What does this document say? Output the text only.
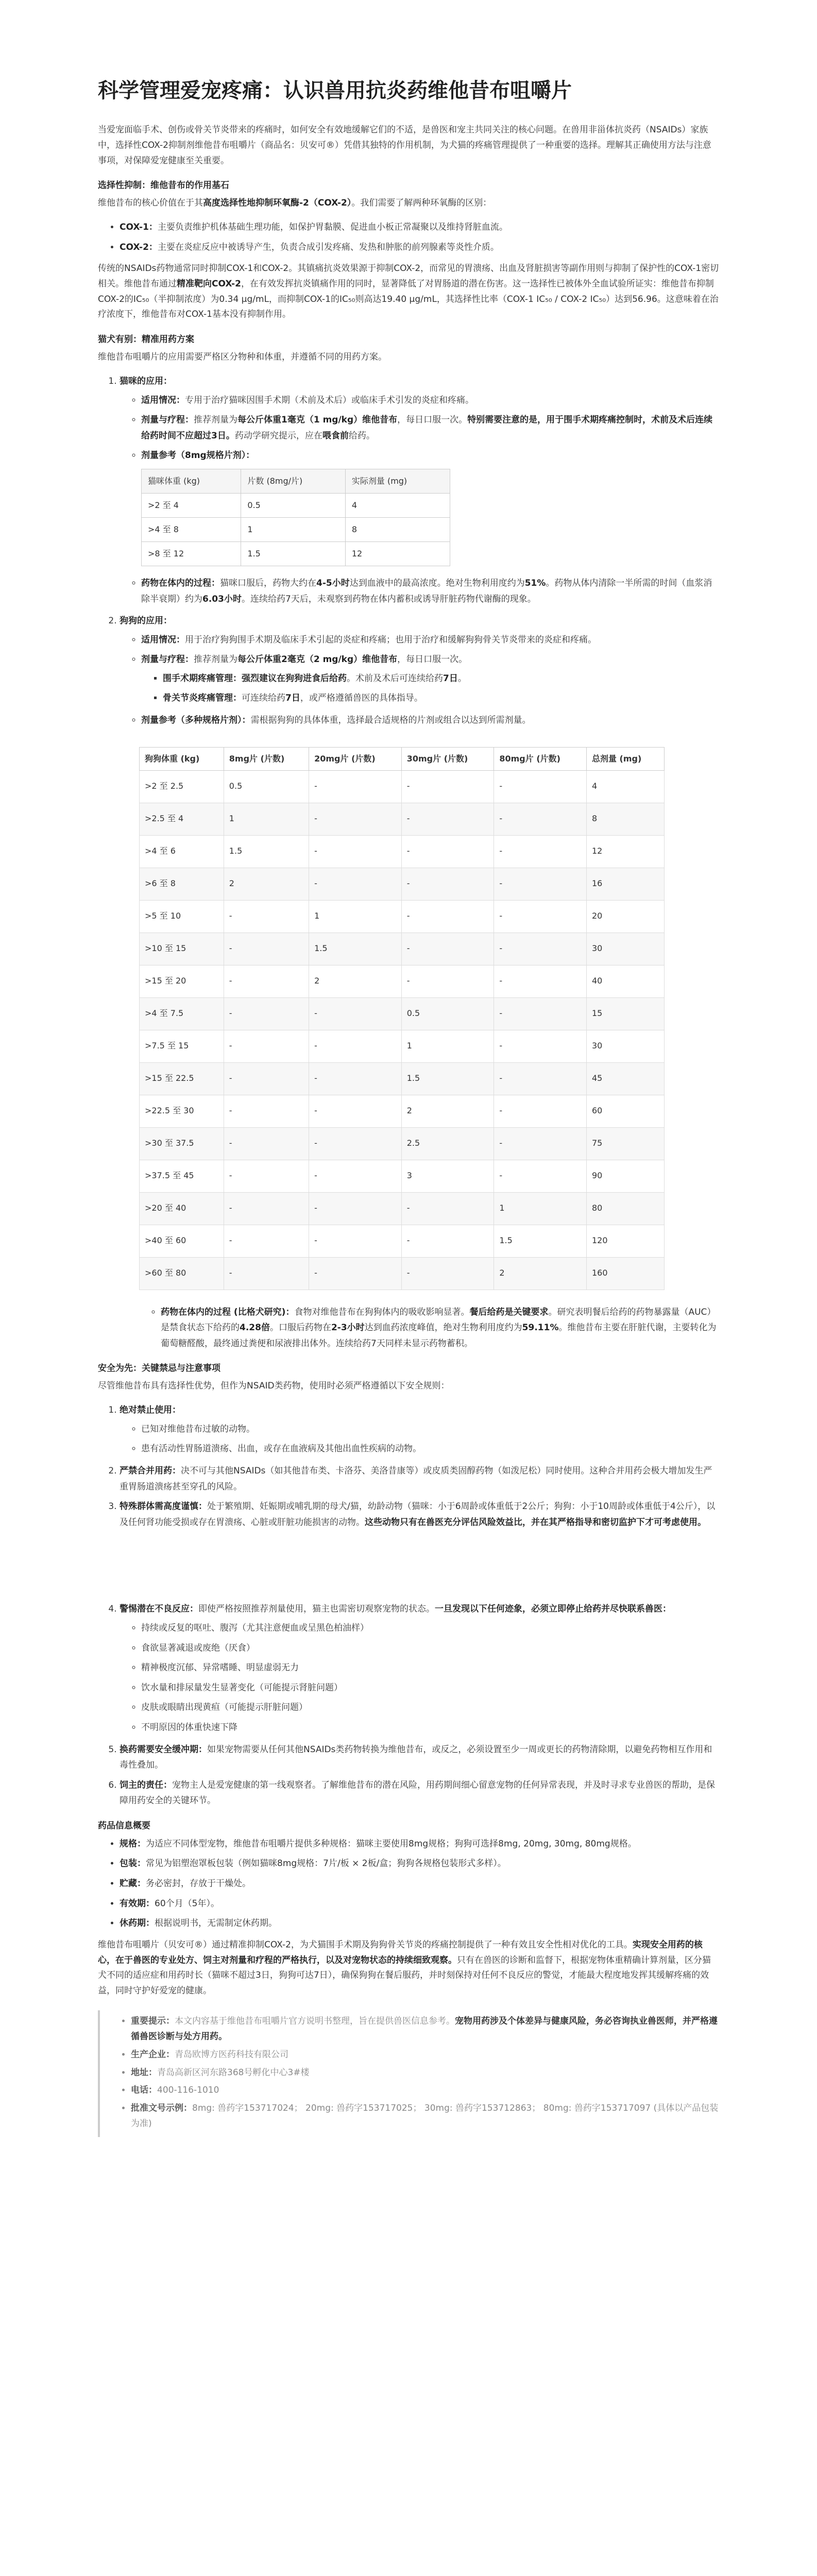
科学管理爱宠疼痛：认识兽用抗炎药维他昔布咀嚼片

当爱宠面临手术、创伤或骨关节炎带来的疼痛时，如何安全有效地缓解它们的不适，是兽医和宠主共同关注的核心问题。在兽用非甾体抗炎药（NSAIDs）家族中，选择性COX-2抑制剂维他昔布咀嚼片（商品名：贝安可®）凭借其独特的作用机制，为犬猫的疼痛管理提供了一种重要的选择。理解其正确使用方法与注意事项，对保障爱宠健康至关重要。

选择性抑制：维他昔布的作用基石

维他昔布的核心价值在于其高度选择性地抑制环氧酶-2（COX-2）。我们需要了解两种环氧酶的区别：

• COX-1：主要负责维护机体基础生理功能，如保护胃黏膜、促进血小板正常凝聚以及维持肾脏血流。
• COX-2：主要在炎症反应中被诱导产生，负责合成引发疼痛、发热和肿胀的前列腺素等炎性介质。

传统的NSAIDs药物通常同时抑制COX-1和COX-2。其镇痛抗炎效果源于抑制COX-2，而常见的胃溃疡、出血及肾脏损害等副作用则与抑制了保护性的COX-1密切相关。维他昔布通过精准靶向COX-2，在有效发挥抗炎镇痛作用的同时，显著降低了对胃肠道的潜在伤害。这一选择性已被体外全血试验所证实：维他昔布抑制COX-2的IC₅₀（半抑制浓度）为0.34 µg/mL，而抑制COX-1的IC₅₀则高达19.40 µg/mL，其选择性比率（COX-1 IC₅₀ / COX-2 IC₅₀）达到56.96。这意味着在治疗浓度下，维他昔布对COX-1基本没有抑制作用。

猫犬有别：精准用药方案

维他昔布咀嚼片的应用需要严格区分物种和体重，并遵循不同的用药方案。

1. 猫咪的应用：
◦ 适用情况：专用于治疗猫咪因围手术期（术前及术后）或临床手术引发的炎症和疼痛。
◦ 剂量与疗程：推荐剂量为每公斤体重1毫克（1 mg/kg）维他昔布，每日口服一次。特别需要注意的是，用于围手术期疼痛控制时，术前及术后连续给药时间不应超过3日。药动学研究提示，应在喂食前给药。
◦ 剂量参考（8mg规格片剂）：
猫咪体重 (kg)	片数 (8mg/片)	实际剂量 (mg)
>2 至 4	0.5	4
>4 至 8	1	8
>8 至 12	1.5	12
◦ 药物在体内的过程：猫咪口服后，药物大约在4-5小时达到血液中的最高浓度。绝对生物利用度约为51%。药物从体内清除一半所需的时间（血浆消除半衰期）约为6.03小时。连续给药7天后，未观察到药物在体内蓄积或诱导肝脏药物代谢酶的现象。
2. 狗狗的应用：
◦ 适用情况：用于治疗狗狗围手术期及临床手术引起的炎症和疼痛；也用于治疗和缓解狗狗骨关节炎带来的炎症和疼痛。
◦ 剂量与疗程：推荐剂量为每公斤体重2毫克（2 mg/kg）维他昔布，每日口服一次。
▪ 围手术期疼痛管理：强烈建议在狗狗进食后给药。术前及术后可连续给药7日。
▪ 骨关节炎疼痛管理：可连续给药7日，或严格遵循兽医的具体指导。
◦ 剂量参考（多种规格片剂）：需根据狗狗的具体体重，选择最合适规格的片剂或组合以达到所需剂量。
狗狗体重 (kg)	8mg片 (片数)	20mg片 (片数)	30mg片 (片数)	80mg片 (片数)	总剂量 (mg)
>2 至 2.5	0.5	-	-	-	4
>2.5 至 4	1	-	-	-	8
>4 至 6	1.5	-	-	-	12
>6 至 8	2	-	-	-	16
>5 至 10	-	1	-	-	20
>10 至 15	-	1.5	-	-	30
>15 至 20	-	2	-	-	40
>4 至 7.5	-	-	0.5	-	15
>7.5 至 15	-	-	1	-	30
>15 至 22.5	-	-	1.5	-	45
>22.5 至 30	-	-	2	-	60
>30 至 37.5	-	-	2.5	-	75
>37.5 至 45	-	-	3	-	90
>20 至 40	-	-	-	1	80
>40 至 60	-	-	-	1.5	120
>60 至 80	-	-	-	2	160
◦ 药物在体内的过程 (比格犬研究)：食物对维他昔布在狗狗体内的吸收影响显著。餐后给药是关键要求。研究表明餐后给药的药物暴露量（AUC）是禁食状态下给药的4.28倍。口服后药物在2-3小时达到血药浓度峰值，绝对生物利用度约为59.11%。维他昔布主要在肝脏代谢，主要转化为葡萄糖醛酸，最终通过粪便和尿液排出体外。连续给药7天同样未显示药物蓄积。
安全为先：关键禁忌与注意事项

尽管维他昔布具有选择性优势，但作为NSAID类药物，使用时必须严格遵循以下安全规则：

1. 绝对禁止使用：
◦ 已知对维他昔布过敏的动物。
◦ 患有活动性胃肠道溃疡、出血，或存在血液病及其他出血性疾病的动物。
2. 严禁合并用药：决不可与其他NSAIDs（如其他昔布类、卡洛芬、美洛昔康等）或皮质类固醇药物（如泼尼松）同时使用。这种合并用药会极大增加发生严重胃肠道溃疡甚至穿孔的风险。
3. 特殊群体需高度谨慎：处于繁殖期、妊娠期或哺乳期的母犬/猫，幼龄动物（猫咪：小于6周龄或体重低于2公斤；狗狗：小于10周龄或体重低于4公斤），以及任何肾功能受损或存在胃溃疡、心脏或肝脏功能损害的动物。这些动物只有在兽医充分评估风险效益比，并在其严格指导和密切监护下才可考虑使用。
4. 警惕潜在不良反应：即使严格按照推荐剂量使用，猫主也需密切观察宠物的状态。一旦发现以下任何迹象，必须立即停止给药并尽快联系兽医：
◦ 持续或反复的呕吐、腹泻（尤其注意便血或呈黑色柏油样）
◦ 食欲显著减退或废绝（厌食）
◦ 精神极度沉郁、异常嗜睡、明显虚弱无力
◦ 饮水量和排尿量发生显著变化（可能提示肾脏问题）
◦ 皮肤或眼睛出现黄疸（可能提示肝脏问题）
◦ 不明原因的体重快速下降
5. 换药需要安全缓冲期：如果宠物需要从任何其他NSAIDs类药物转换为维他昔布，或反之，必须设置至少一周或更长的药物清除期，以避免药物相互作用和毒性叠加。
6. 饲主的责任：宠物主人是爱宠健康的第一线观察者。了解维他昔布的潜在风险，用药期间细心留意宠物的任何异常表现，并及时寻求专业兽医的帮助，是保障用药安全的关键环节。
药品信息概要
• 规格：为适应不同体型宠物，维他昔布咀嚼片提供多种规格：猫咪主要使用8mg规格；狗狗可选择8mg, 20mg, 30mg, 80mg规格。
• 包装：常见为铝塑泡罩板包装（例如猫咪8mg规格：7片/板 × 2板/盒；狗狗各规格包装形式多样）。
• 贮藏：务必密封，存放于干燥处。
• 有效期：60个月（5年）。
• 休药期：根据说明书，无需制定休药期。

维他昔布咀嚼片（贝安可®）通过精准抑制COX-2，为犬猫围手术期及狗狗骨关节炎的疼痛控制提供了一种有效且安全性相对优化的工具。实现安全用药的核心，在于兽医的专业处方、饲主对剂量和疗程的严格执行，以及对宠物状态的持续细致观察。只有在兽医的诊断和监督下，根据宠物体重精确计算剂量，区分猫犬不同的适应症和用药时长（猫咪不超过3日，狗狗可达7日），确保狗狗在餐后服药，并时刻保持对任何不良反应的警觉，才能最大程度地发挥其缓解疼痛的效益，同时守护好爱宠的健康。

• 重要提示：本文内容基于维他昔布咀嚼片官方说明书整理，旨在提供兽医信息参考。宠物用药涉及个体差异与健康风险，务必咨询执业兽医师，并严格遵循兽医诊断与处方用药。
• 生产企业：青岛欧博方医药科技有限公司
• 地址：青岛高新区河东路368号孵化中心3#楼
• 电话：400-116-1010
• 批准文号示例：8mg: 兽药字153717024； 20mg: 兽药字153717025； 30mg: 兽药字153712863； 80mg: 兽药字153717097 (具体以产品包装为准)
